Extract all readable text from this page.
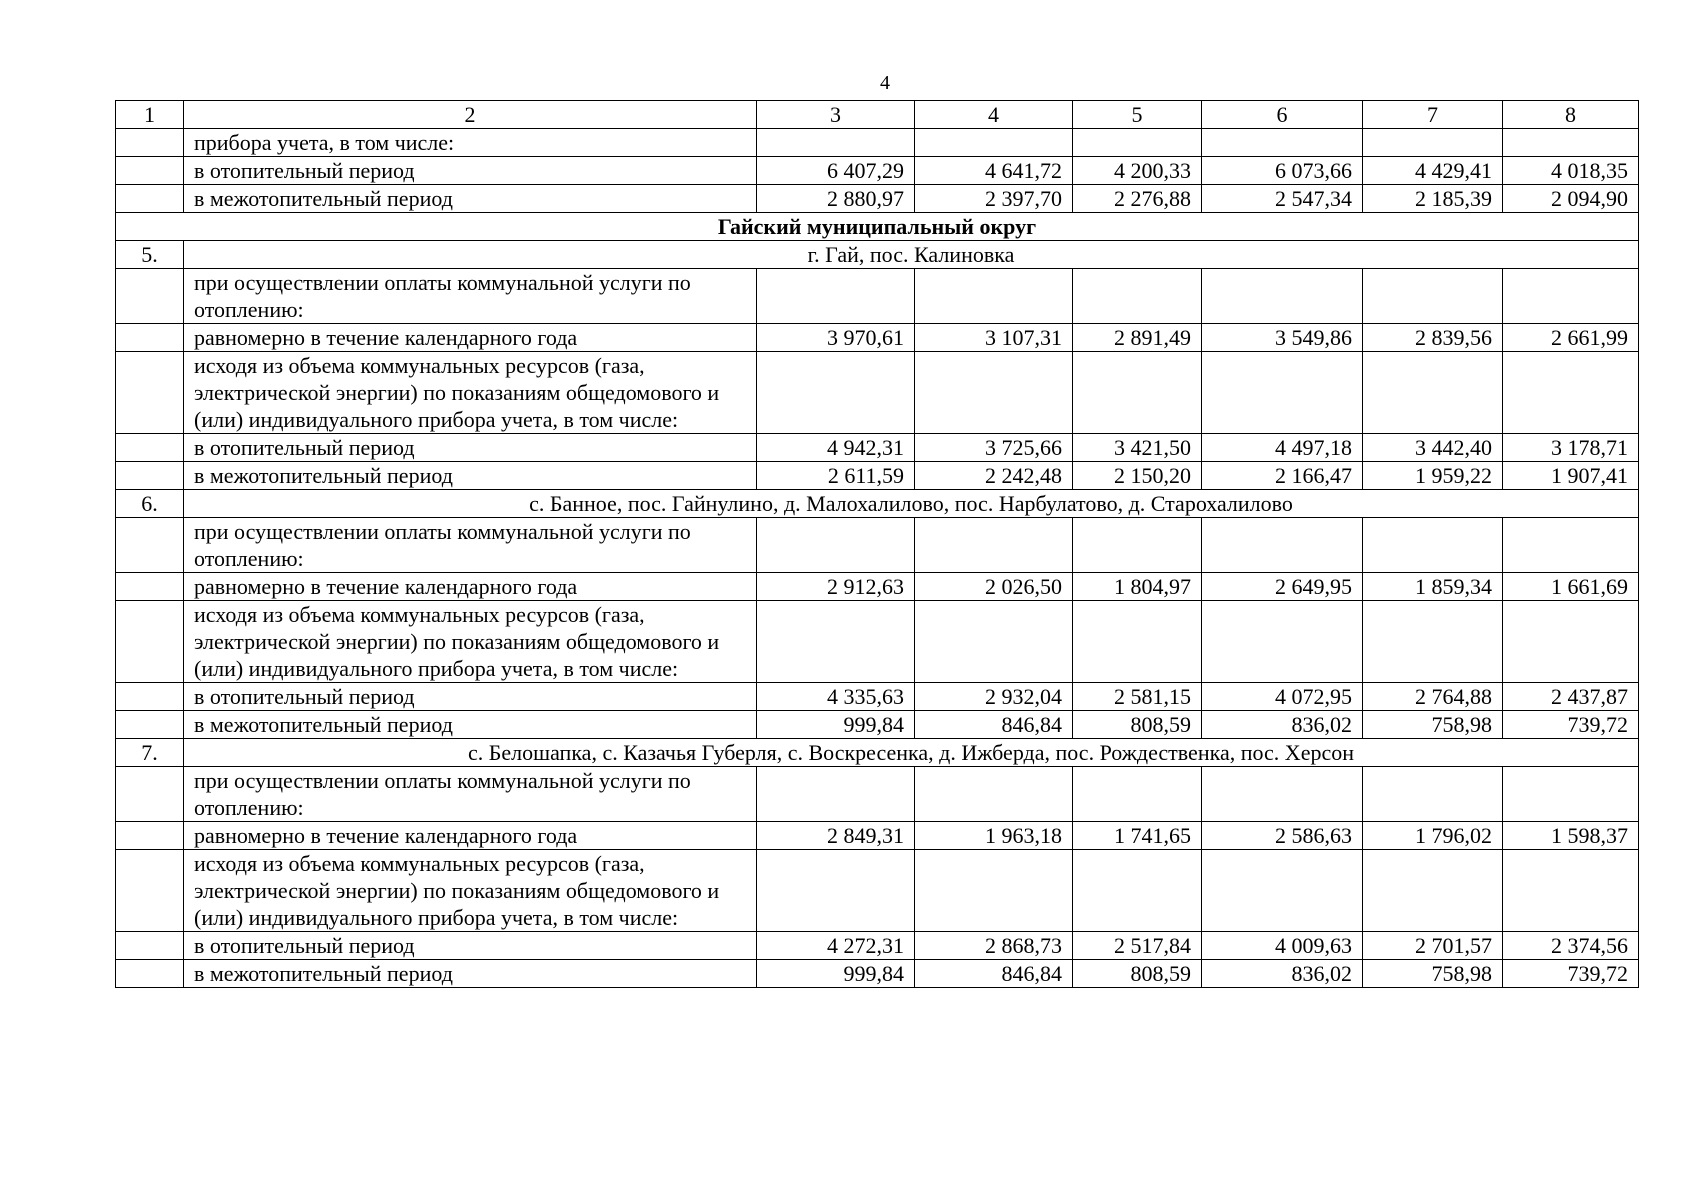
4
1	2	3	4	5	6	7	8
	прибора учета, в том числе:						
	в отопительный период	6 407,29	4 641,72	4 200,33	6 073,66	4 429,41	4 018,35
	в межотопительный период	2 880,97	2 397,70	2 276,88	2 547,34	2 185,39	2 094,90
Гайский муниципальный округ							
5.	г. Гай, пос. Калиновка						
	при осуществлении оплаты коммунальной услуги по отоплению:						
	равномерно в течение календарного года	3 970,61	3 107,31	2 891,49	3 549,86	2 839,56	2 661,99
	исходя из объема коммунальных ресурсов (газа, электрической энергии) по показаниям общедомового и (или) индивидуального прибора учета, в том числе:						
	в отопительный период	4 942,31	3 725,66	3 421,50	4 497,18	3 442,40	3 178,71
	в межотопительный период	2 611,59	2 242,48	2 150,20	2 166,47	1 959,22	1 907,41
6.	с. Банное, пос. Гайнулино, д. Малохалилово, пос. Нарбулатово, д. Старохалилово						
	при осуществлении оплаты коммунальной услуги по отоплению:						
	равномерно в течение календарного года	2 912,63	2 026,50	1 804,97	2 649,95	1 859,34	1 661,69
	исходя из объема коммунальных ресурсов (газа, электрической энергии) по показаниям общедомового и (или) индивидуального прибора учета, в том числе:						
	в отопительный период	4 335,63	2 932,04	2 581,15	4 072,95	2 764,88	2 437,87
	в межотопительный период	999,84	846,84	808,59	836,02	758,98	739,72
7.	с. Белошапка, с. Казачья Губерля, с. Воскресенка, д. Ижберда, пос. Рождественка, пос. Херсон						
	при осуществлении оплаты коммунальной услуги по отоплению:						
	равномерно в течение календарного года	2 849,31	1 963,18	1 741,65	2 586,63	1 796,02	1 598,37
	исходя из объема коммунальных ресурсов (газа, электрической энергии) по показаниям общедомового и (или) индивидуального прибора учета, в том числе:						
	в отопительный период	4 272,31	2 868,73	2 517,84	4 009,63	2 701,57	2 374,56
	в межотопительный период	999,84	846,84	808,59	836,02	758,98	739,72
